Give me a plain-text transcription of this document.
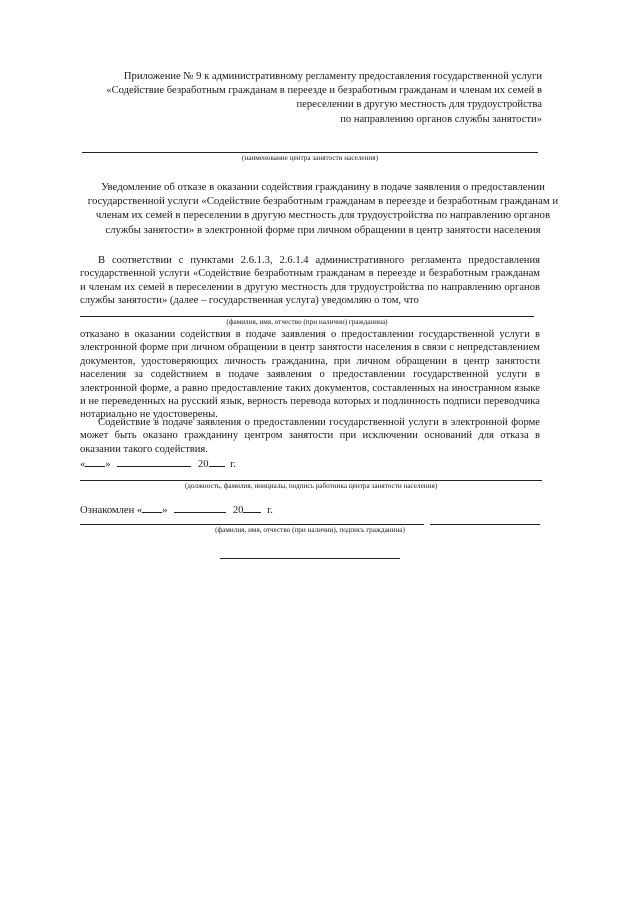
Приложение № 9 к административному регламенту предоставления государственной услуги
«Содействие безработным гражданам в переезде и безработным гражданам и членам их семей в
переселении в другую местность для трудоустройства
по направлению органов службы занятости»
(наименование центра занятости населения)
Уведомление об отказе в оказании содействия гражданину в подаче заявления о предоставлении государственной услуги «Содействие безработным гражданам в переезде и безработным гражданам и членам их семей в переселении в другую местность для трудоустройства по направлению органов службы занятости» в электронной форме при личном обращении в центр занятости населения
В соответствии с пунктами 2.6.1.3, 2.6.1.4 административного регламента предоставления государственной услуги «Содействие безработным гражданам в переезде и безработным гражданам и членам их семей в переселении в другую местность для трудоустройства по направлению органов службы занятости» (далее – государственная услуга) уведомляю о том, что
(фамилия, имя, отчество (при наличии) гражданина)
отказано в оказании содействия в подаче заявления о предоставлении государственной услуги в электронной форме при личном обращении в центр занятости населения в связи с непредставлением документов, удостоверяющих личность гражданина, при личном обращении в центр занятости населения за содействием в подаче заявления о предоставлении государственной услуги в электронной форме, а равно предоставление таких документов, составленных на иностранном языке и не переведенных на русский язык, верность перевода которых и подлинность подписи переводчика нотариально не удостоверены.
Содействие в подаче заявления о предоставлении государственной услуги в электронной форме может быть оказано гражданину центром занятости при исключении оснований для отказа в оказании такого содействия.
« »	20 г.
(должность, фамилия, инициалы, подпись работника центра занятости населения)
Ознакомлен « »	20 г.
(фамилия, имя, отчество (при наличии), подпись гражданина)
